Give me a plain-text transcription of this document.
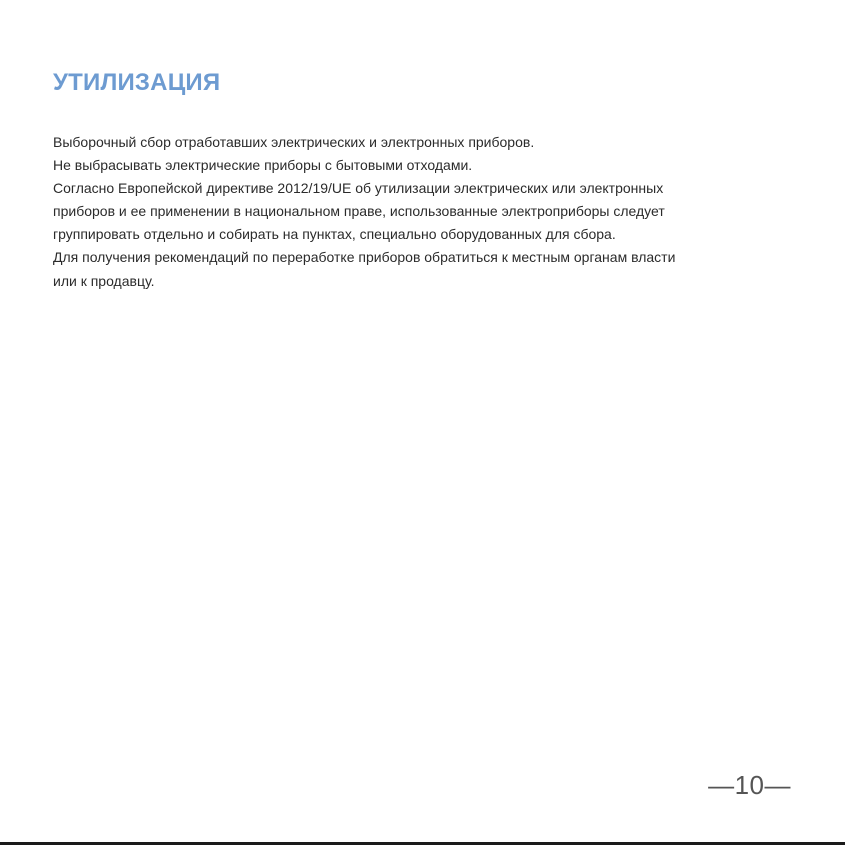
УТИЛИЗАЦИЯ

Выборочный сбор отработавших электрических и электронных приборов.

Не выбрасывать электрические приборы с бытовыми отходами.

Согласно Европейской директиве 2012/19/UE об утилизации электрических или электронных

приборов и ее применении в национальном праве, использованные электроприборы следует

группировать отдельно и собирать на пунктах, специально оборудованных для сбора.

Для получения рекомендаций по переработке приборов обратиться к местным органам власти

или к продавцу.

—10—
